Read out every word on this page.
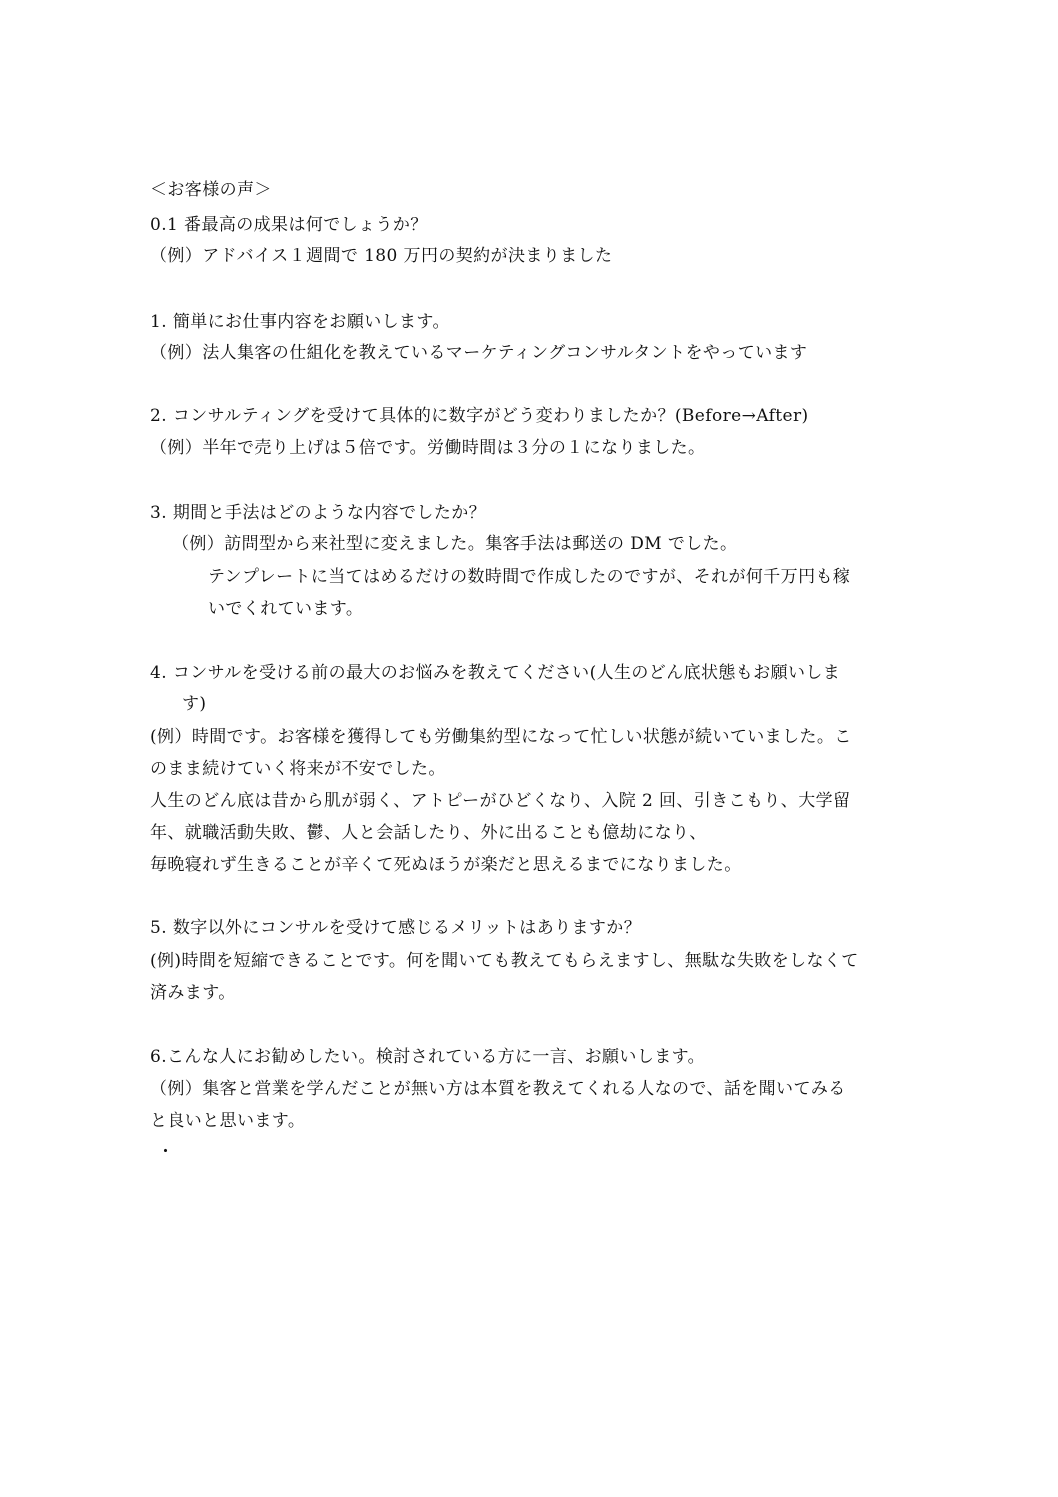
＜お客様の声＞
0.1 番最高の成果は何でしょうか？
（例）アドバイス１週間で 180 万円の契約が決まりました
1. 簡単にお仕事内容をお願いします。
（例）法人集客の仕組化を教えているマーケティングコンサルタントをやっています
2. コンサルティングを受けて具体的に数字がどう変わりましたか？(Before→After)
（例）半年で売り上げは５倍です。労働時間は３分の１になりました。
3. 期間と手法はどのような内容でしたか？
（例）訪問型から来社型に変えました。集客手法は郵送の DM でした。
テンプレートに当てはめるだけの数時間で作成したのですが、それが何千万円も稼
いでくれています。
4. コンサルを受ける前の最大のお悩みを教えてください(人生のどん底状態もお願いしま
す)
(例）時間です。お客様を獲得しても労働集約型になって忙しい状態が続いていました。こ
のまま続けていく将来が不安でした。
人生のどん底は昔から肌が弱く、アトピーがひどくなり、入院 2 回、引きこもり、大学留
年、就職活動失敗、鬱、人と会話したり、外に出ることも億劫になり、
毎晩寝れず生きることが辛くて死ぬほうが楽だと思えるまでになりました。
5. 数字以外にコンサルを受けて感じるメリットはありますか？
(例)時間を短縮できることです。何を聞いても教えてもらえますし、無駄な失敗をしなくて
済みます。
6.こんな人にお勧めしたい。検討されている方に一言、お願いします。
（例）集客と営業を学んだことが無い方は本質を教えてくれる人なので、話を聞いてみる
と良いと思います。
・
